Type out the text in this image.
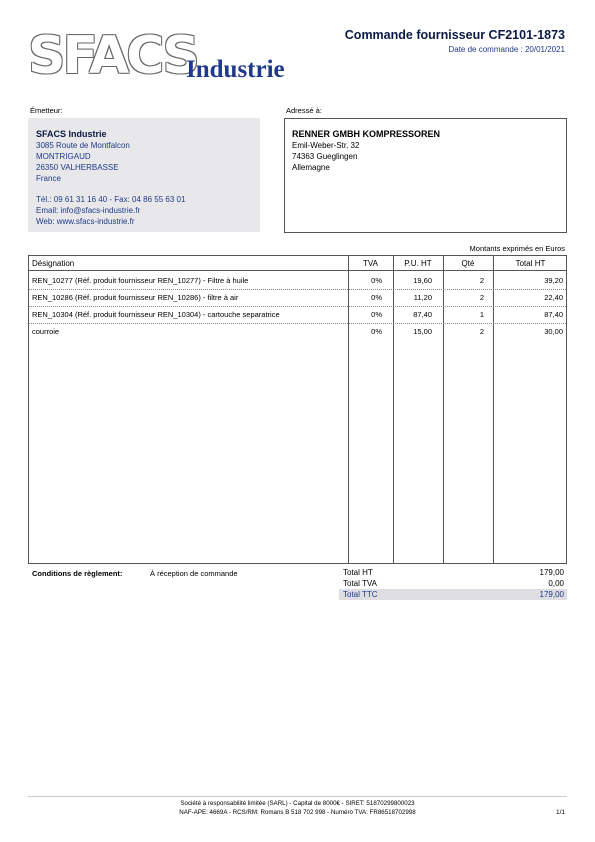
SFACS
Industrie
Commande fournisseur CF2101-1873
Date de commande : 20/01/2021
Émetteur:	Adressé à:
SFACS Industrie
3085 Route de Montfalcon
MONTRIGAUD
26350 VALHERBASSE
France
Tél.: 09 61 31 16 40 - Fax: 04 86 55 63 01
Email: info@sfacs-industrie.fr
Web: www.sfacs-industrie.fr
RENNER GMBH KOMPRESSOREN
Emil-Weber-Str. 32
74363 Gueglingen
Allemagne
Montants exprimés en Euros
Désignation	TVA	P.U. HT	Qté	Total HT
REN_10277 (Réf. produit fournisseur REN_10277) - Filtre à huile	0%	19,60	2	39,20
REN_10286 (Réf. produit fournisseur REN_10286) - filtre à air	0%	11,20	2	22,40
REN_10304 (Réf. produit fournisseur REN_10304) - cartouche separatrice	0%	87,40	1	87,40
courroie	0%	15,00	2	30,00
Conditions de règlement:	À réception de commande	Total HT	179,00
Total TVA	0,00
Total TTC	179,00
Société à responsabilité limitée (SARL) - Capital de 8000€ - SIRET: 51870299800023
NAF-APE: 4669A - RCS/RM: Romans B 518 702 998 - Numéro TVA: FR86518702998	1/1
